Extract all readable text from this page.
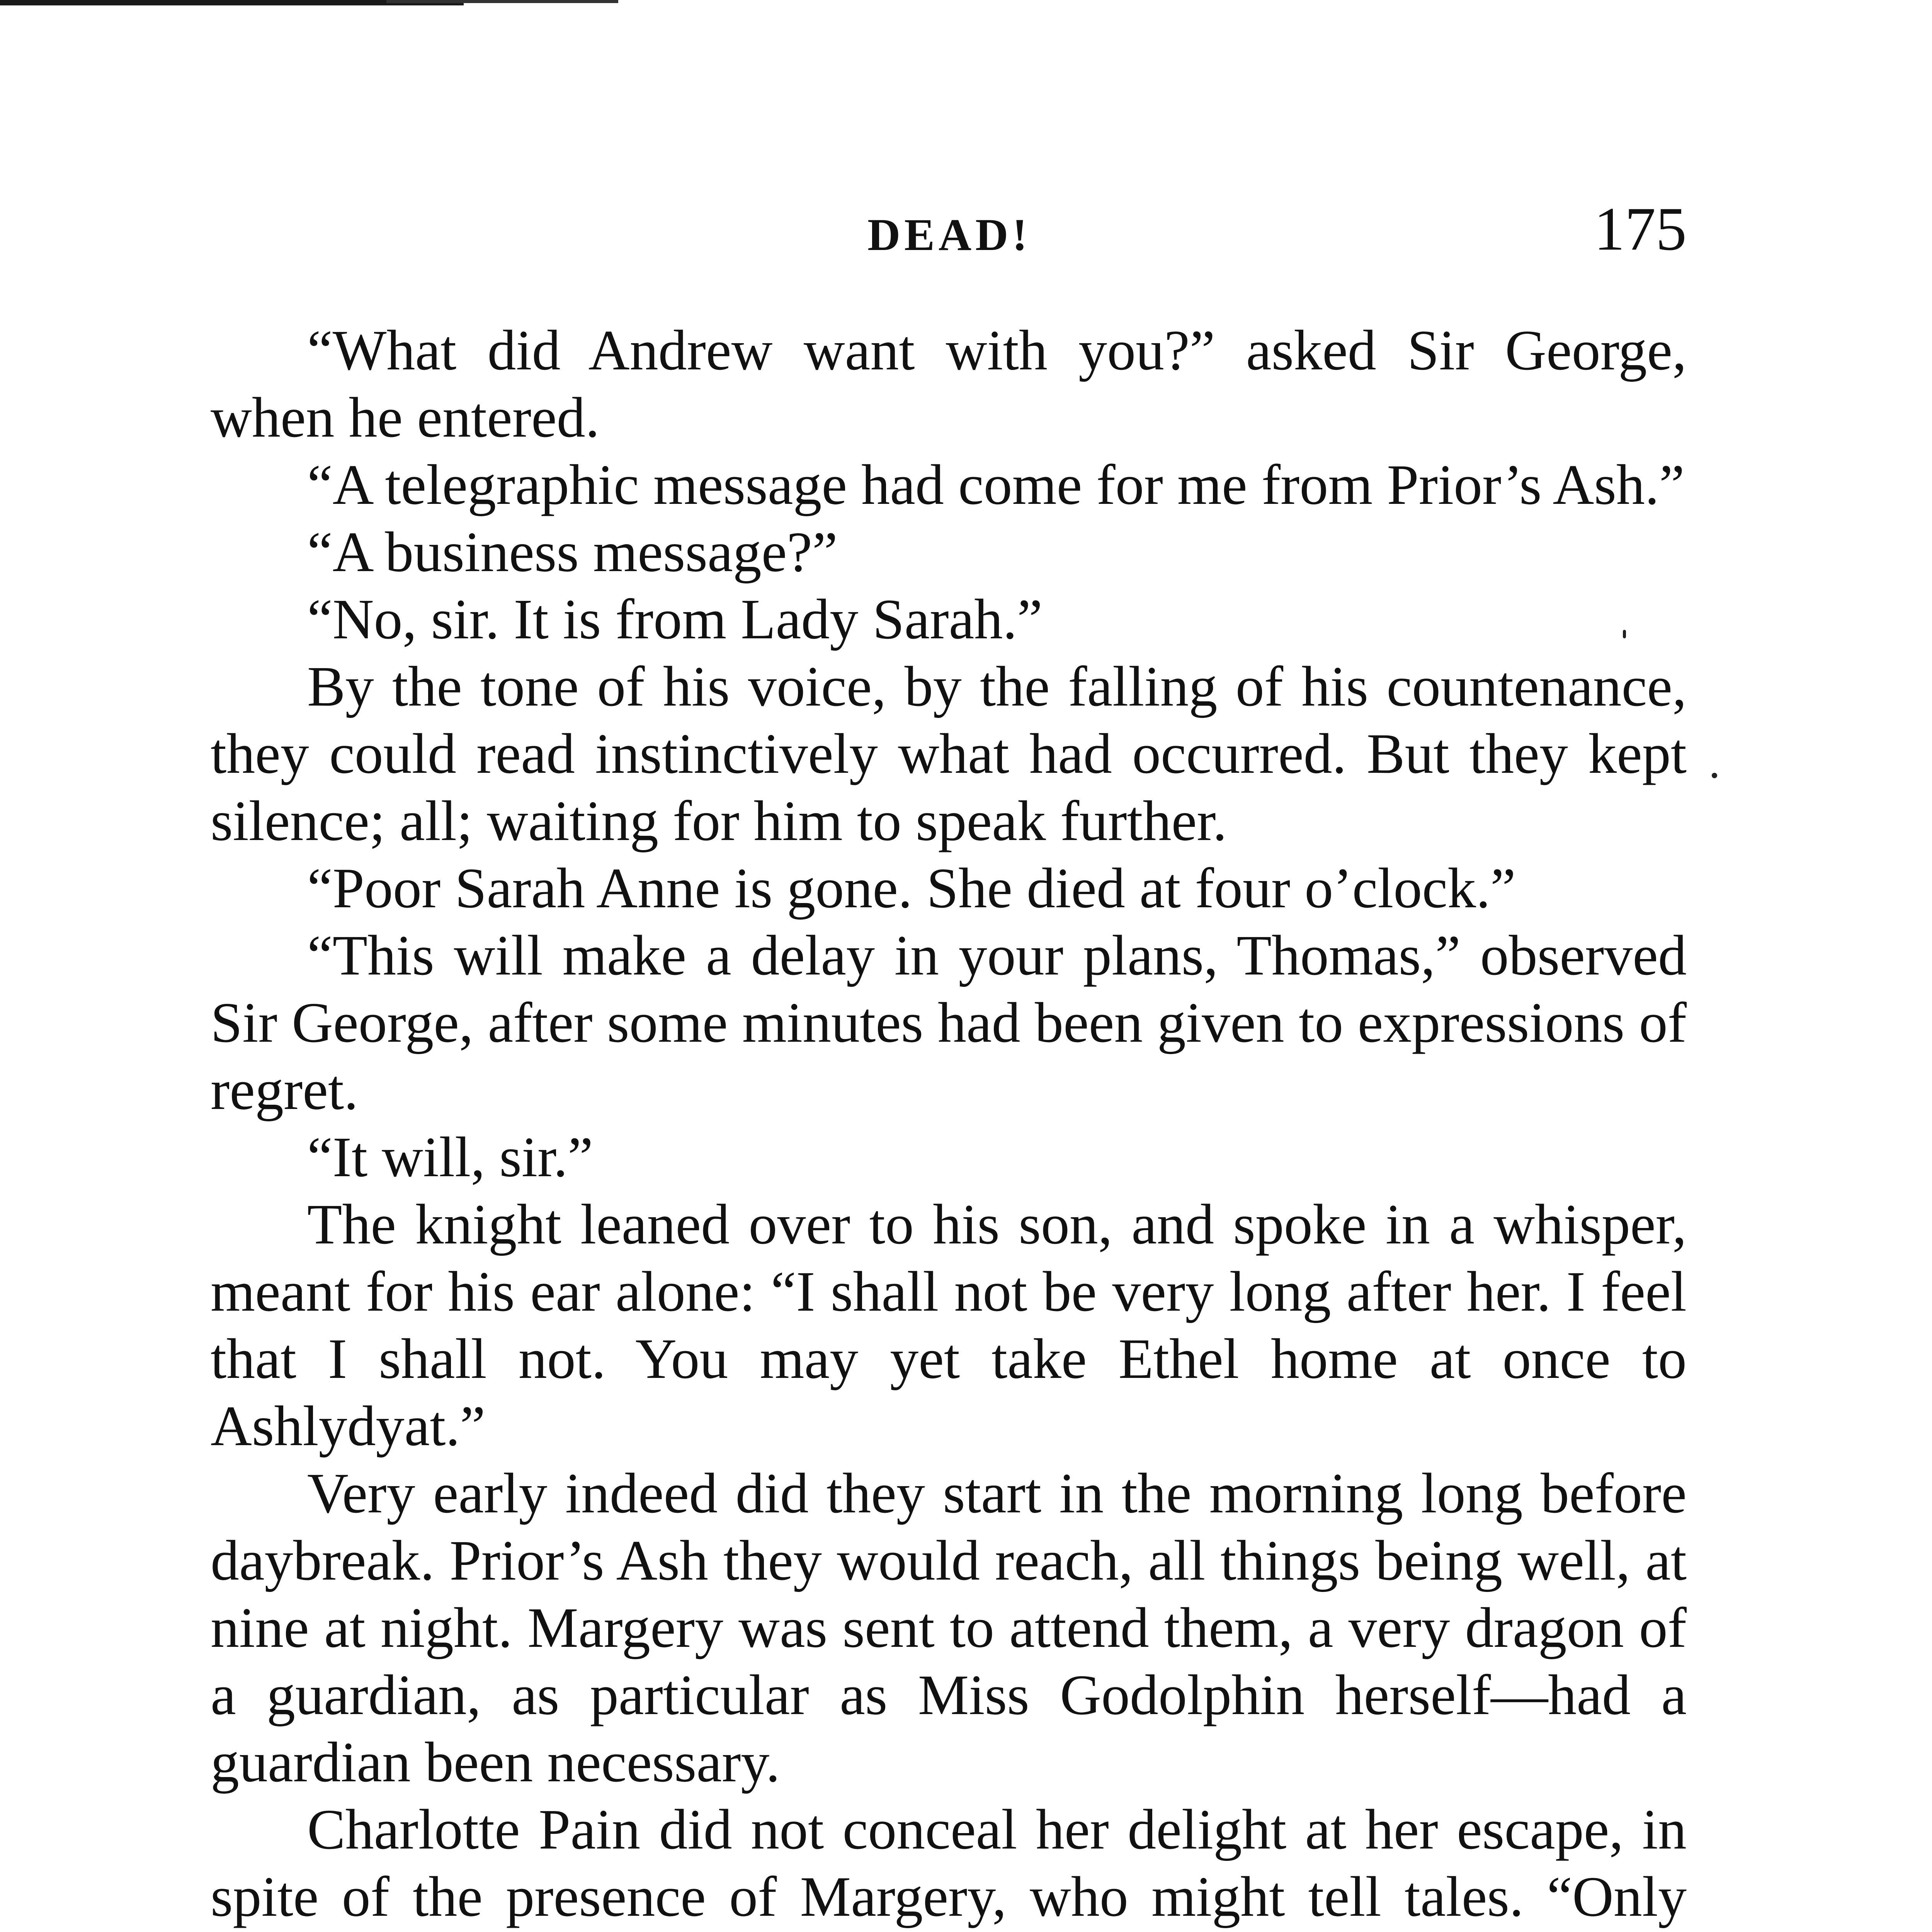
DEAD!	175

“What did Andrew want with you?” asked Sir George, when he entered.

“A telegraphic message had come for me from Prior’s Ash.”

“A business message?”

“No, sir. It is from Lady Sarah.”

By the tone of his voice, by the falling of his countenance, they could read instinctively what had occurred. But they kept silence; all; waiting for him to speak further.

“Poor Sarah Anne is gone. She died at four o’clock.”

“This will make a delay in your plans, Thomas,” observed Sir George, after some minutes had been given to expressions of regret.

“It will, sir.”

The knight leaned over to his son, and spoke in a whisper, meant for his ear alone: “I shall not be very long after her. I feel that I shall not. You may yet take Ethel home at once to Ashlydyat.”

Very early indeed did they start in the morning long before daybreak. Prior’s Ash they would reach, all things being well, at nine at night. Margery was sent to attend them, a very dragon of a guardian, as particular as Miss Godolphin herself—had a guardian been necessary.

Charlotte Pain did not conceal her delight at her escape, in spite of the presence of Margery, who might tell tales. “Only
